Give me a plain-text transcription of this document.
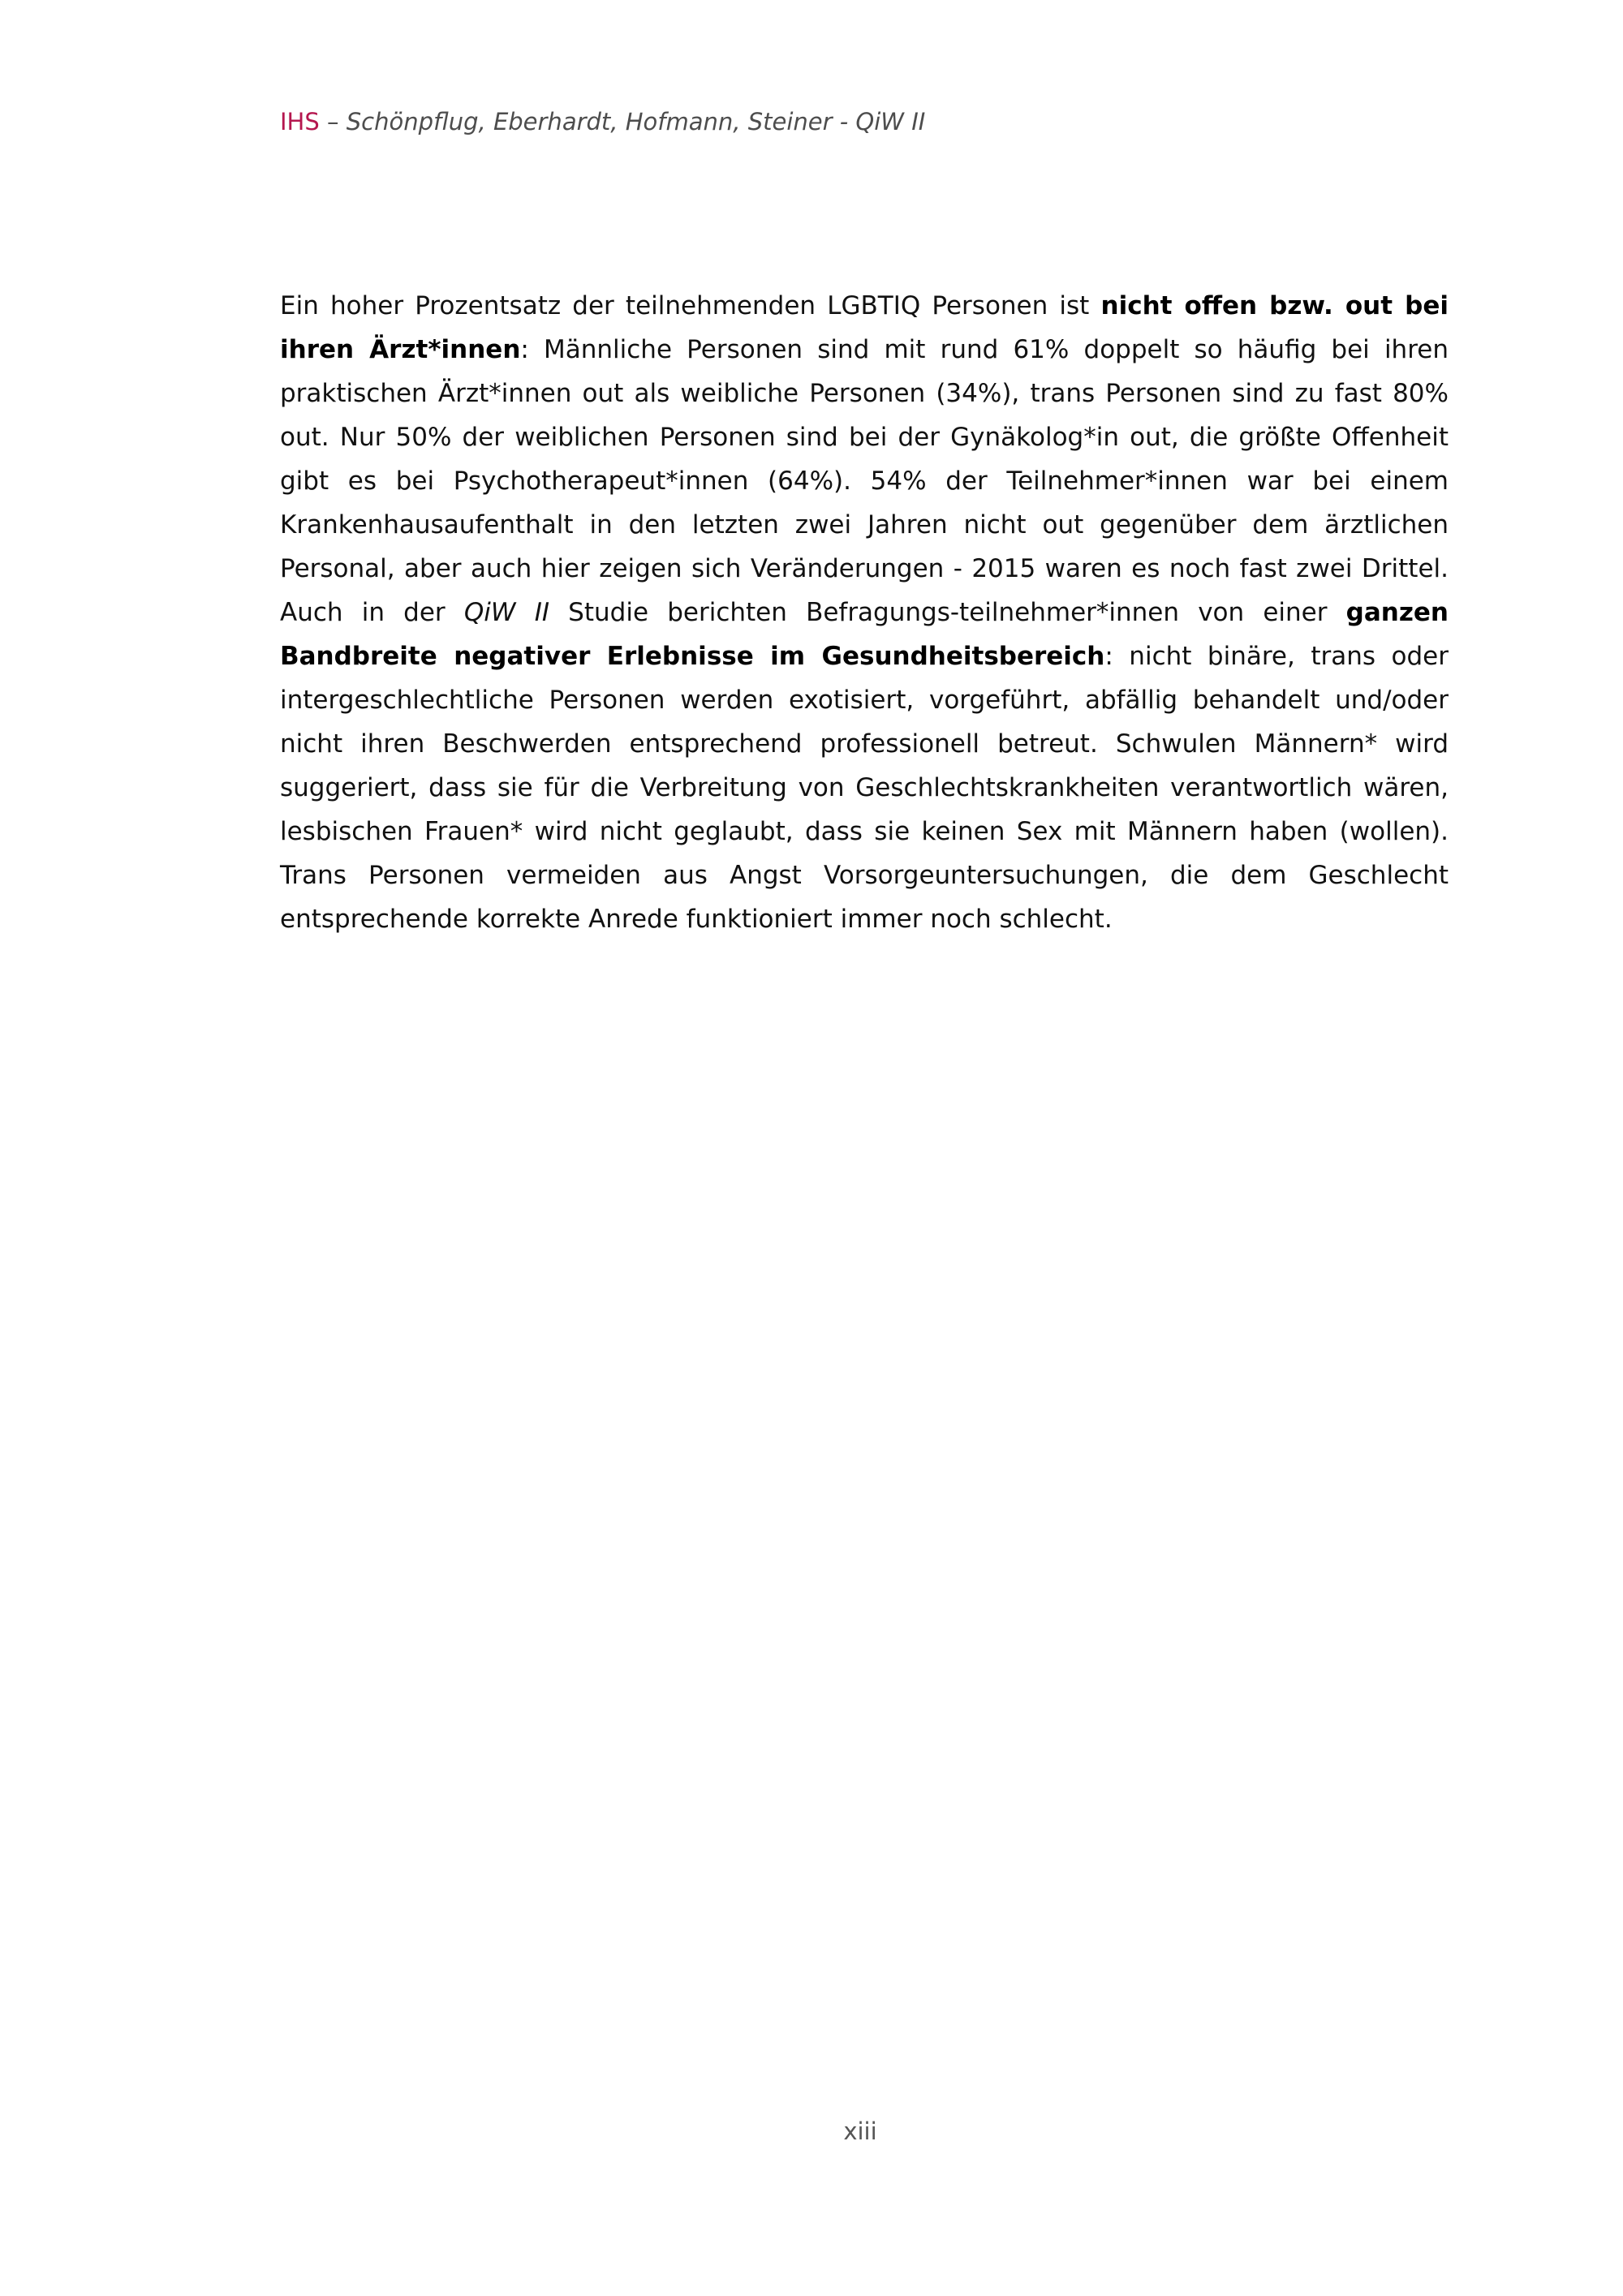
IHS – Schönpflug, Eberhardt, Hofmann, Steiner - QiW II

Ein hoher Prozentsatz der teilnehmenden LGBTIQ Personen ist nicht offen bzw. out bei ihren Ärzt*innen: Männliche Personen sind mit rund 61% doppelt so häufig bei ihren praktischen Ärzt*innen out als weibliche Personen (34%), trans Personen sind zu fast 80% out. Nur 50% der weiblichen Personen sind bei der Gynäkolog*in out, die größte Offenheit gibt es bei Psychotherapeut*innen (64%). 54% der Teilnehmer*innen war bei einem Krankenhausaufenthalt in den letzten zwei Jahren nicht out gegenüber dem ärztlichen Personal, aber auch hier zeigen sich Veränderungen - 2015 waren es noch fast zwei Drittel. Auch in der QiW II Studie berichten Befragungs-teilnehmer*innen von einer ganzen Bandbreite negativer Erlebnisse im Gesundheitsbereich: nicht binäre, trans oder intergeschlechtliche Personen werden exotisiert, vorgeführt, abfällig behandelt und/oder nicht ihren Beschwerden entsprechend professionell betreut. Schwulen Männern* wird suggeriert, dass sie für die Verbreitung von Geschlechtskrankheiten verantwortlich wären, lesbischen Frauen* wird nicht geglaubt, dass sie keinen Sex mit Männern haben (wollen). Trans Personen vermeiden aus Angst Vorsorgeuntersuchungen, die dem Geschlecht entsprechende korrekte Anrede funktioniert immer noch schlecht.

xiii
